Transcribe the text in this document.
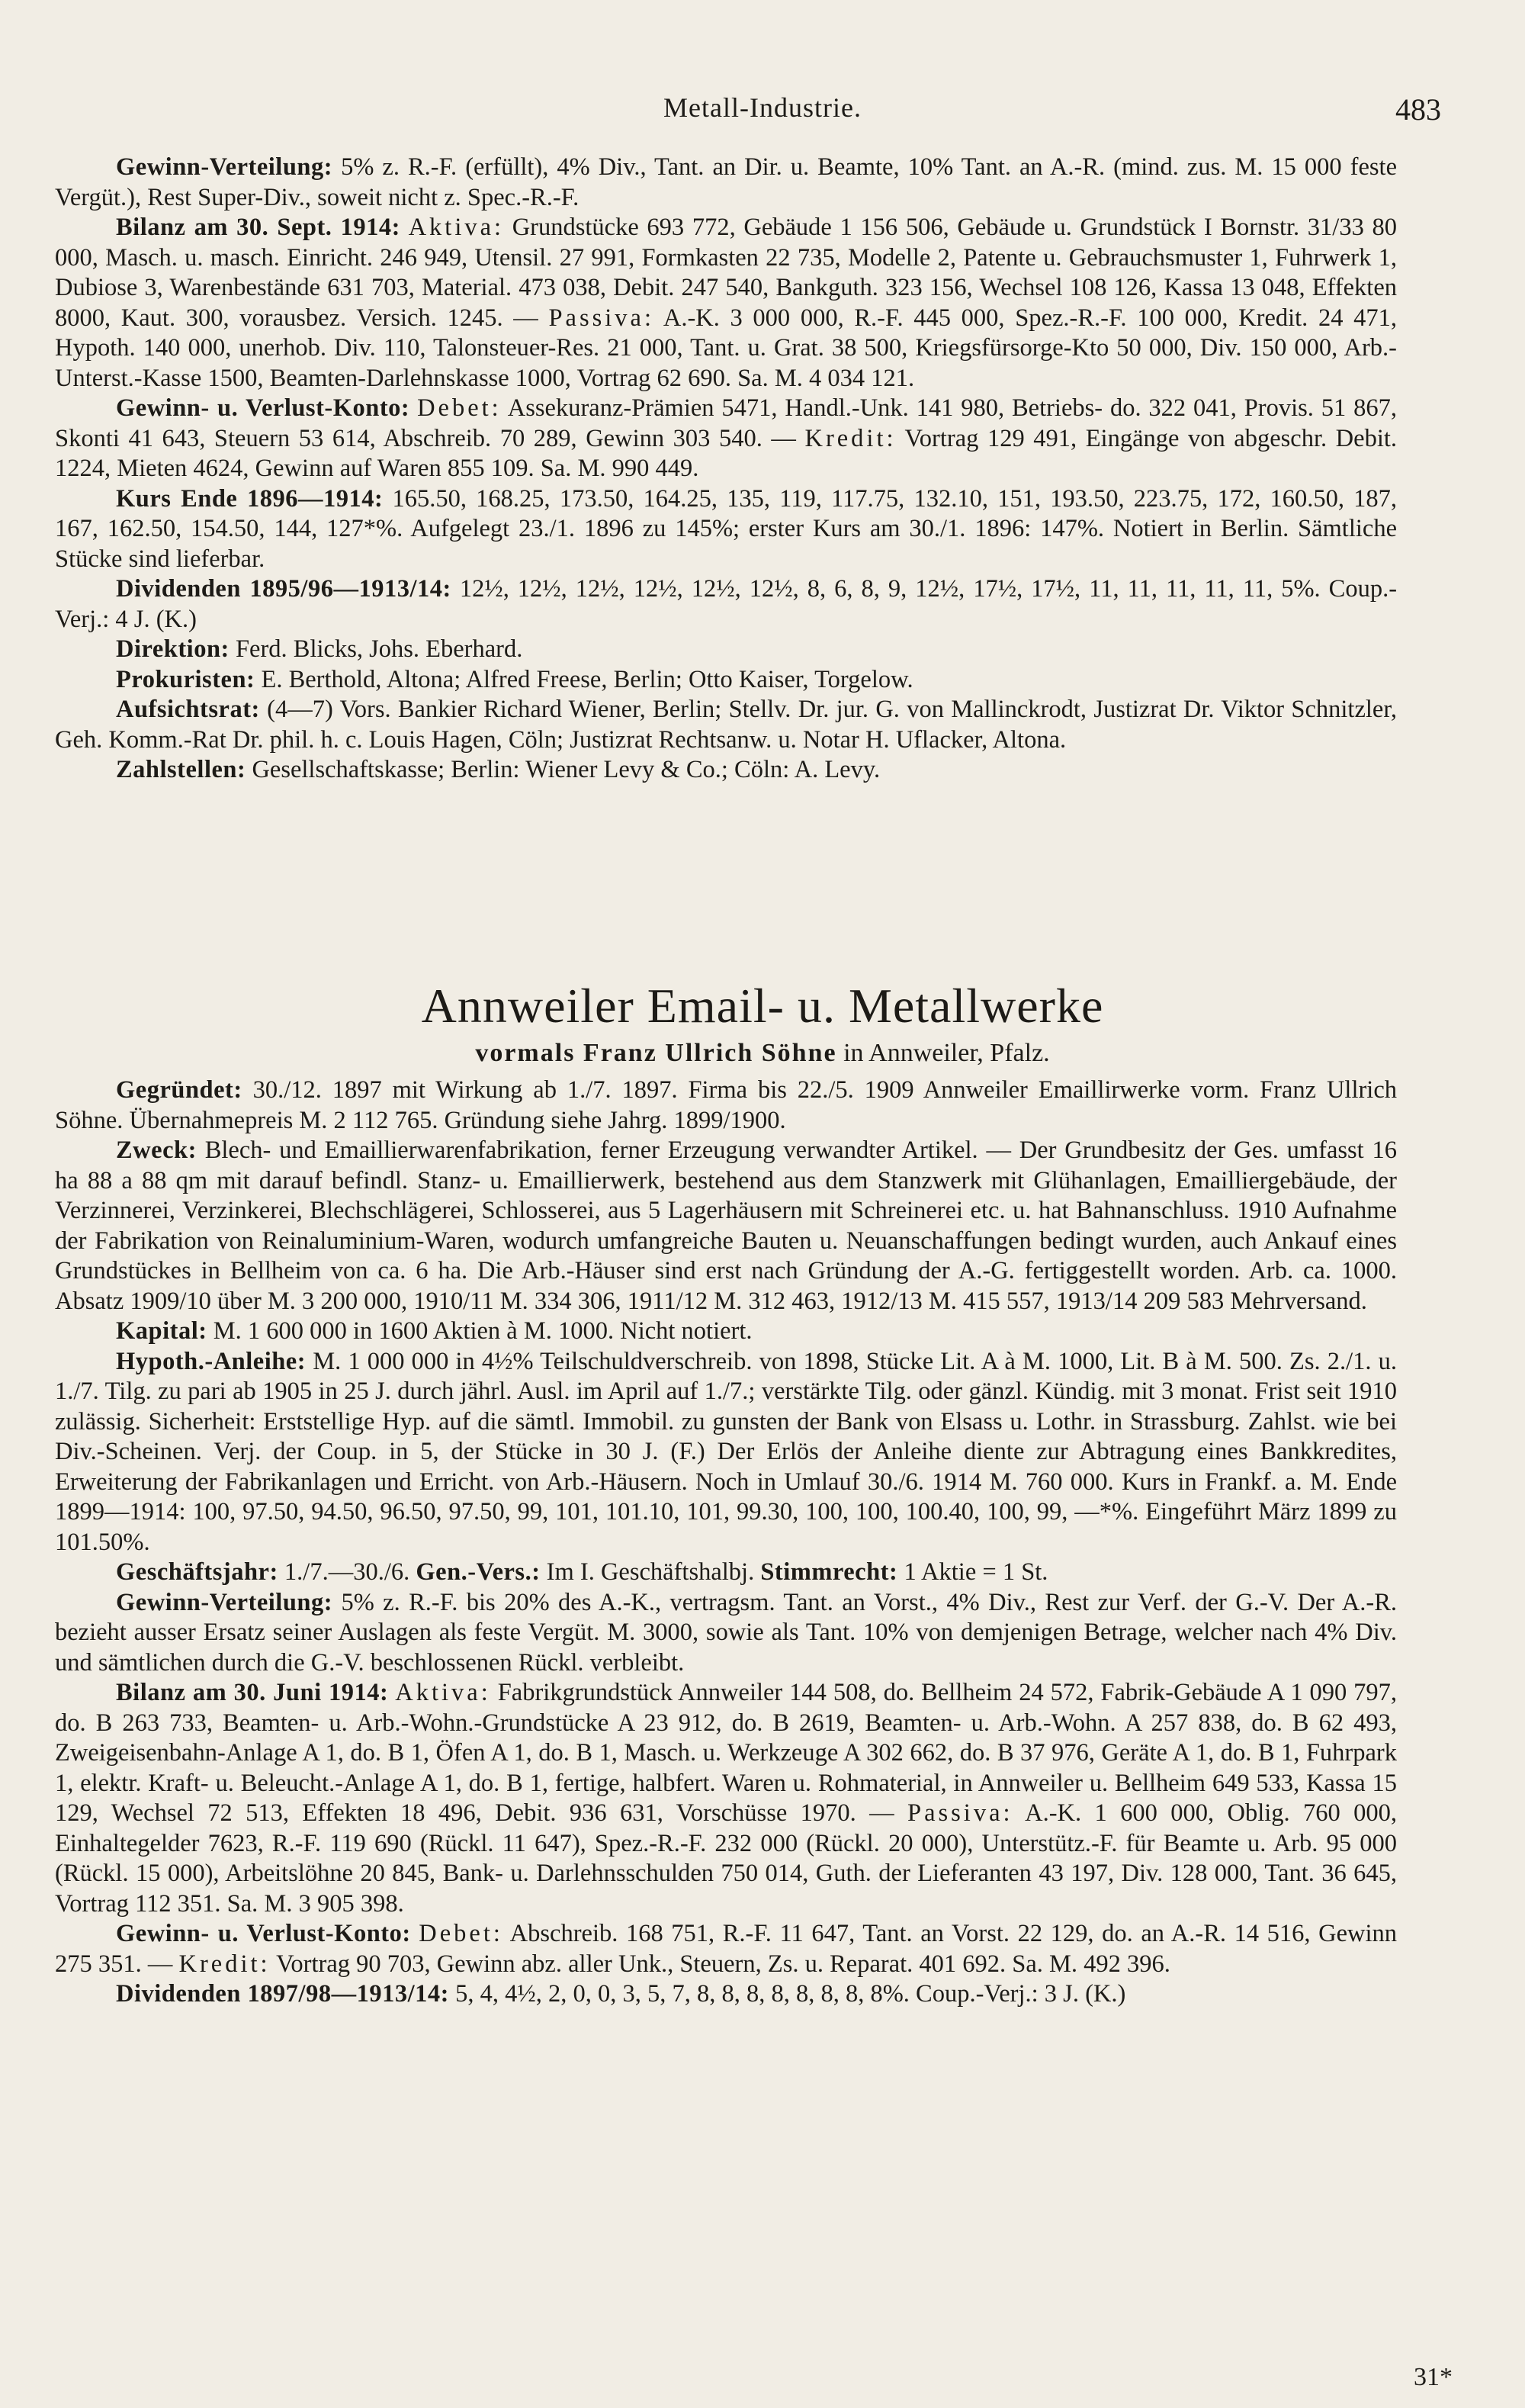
Metall-Industrie.	483

Gewinn-Verteilung: 5% z. R.-F. (erfüllt), 4% Div., Tant. an Dir. u. Beamte, 10% Tant. an A.-R. (mind. zus. M. 15 000 feste Vergüt.), Rest Super-Div., soweit nicht z. Spec.-R.-F.

Bilanz am 30. Sept. 1914: Aktiva: Grundstücke 693 772, Gebäude 1 156 506, Gebäude u. Grundstück I Bornstr. 31/33 80 000, Masch. u. masch. Einricht. 246 949, Utensil. 27 991, Formkasten 22 735, Modelle 2, Patente u. Gebrauchsmuster 1, Fuhrwerk 1, Dubiose 3, Warenbestände 631 703, Material. 473 038, Debit. 247 540, Bankguth. 323 156, Wechsel 108 126, Kassa 13 048, Effekten 8000, Kaut. 300, vorausbez. Versich. 1245. — Passiva: A.-K. 3 000 000, R.-F. 445 000, Spez.-R.-F. 100 000, Kredit. 24 471, Hypoth. 140 000, unerhob. Div. 110, Talonsteuer-Res. 21 000, Tant. u. Grat. 38 500, Kriegsfürsorge-Kto 50 000, Div. 150 000, Arb.-Unterst.-Kasse 1500, Beamten-Darlehnskasse 1000, Vortrag 62 690. Sa. M. 4 034 121.

Gewinn- u. Verlust-Konto: Debet: Assekuranz-Prämien 5471, Handl.-Unk. 141 980, Betriebs- do. 322 041, Provis. 51 867, Skonti 41 643, Steuern 53 614, Abschreib. 70 289, Gewinn 303 540. — Kredit: Vortrag 129 491, Eingänge von abgeschr. Debit. 1224, Mieten 4624, Gewinn auf Waren 855 109. Sa. M. 990 449.

Kurs Ende 1896—1914: 165.50, 168.25, 173.50, 164.25, 135, 119, 117.75, 132.10, 151, 193.50, 223.75, 172, 160.50, 187, 167, 162.50, 154.50, 144, 127*%. Aufgelegt 23./1. 1896 zu 145%; erster Kurs am 30./1. 1896: 147%. Notiert in Berlin. Sämtliche Stücke sind lieferbar.

Dividenden 1895/96—1913/14: 12½, 12½, 12½, 12½, 12½, 12½, 8, 6, 8, 9, 12½, 17½, 17½, 11, 11, 11, 11, 11, 5%. Coup.-Verj.: 4 J. (K.)

Direktion: Ferd. Blicks, Johs. Eberhard.

Prokuristen: E. Berthold, Altona; Alfred Freese, Berlin; Otto Kaiser, Torgelow.

Aufsichtsrat: (4—7) Vors. Bankier Richard Wiener, Berlin; Stellv. Dr. jur. G. von Mallinckrodt, Justizrat Dr. Viktor Schnitzler, Geh. Komm.-Rat Dr. phil. h. c. Louis Hagen, Cöln; Justizrat Rechtsanw. u. Notar H. Uflacker, Altona.

Zahlstellen: Gesellschaftskasse; Berlin: Wiener Levy & Co.; Cöln: A. Levy.

Annweiler Email- u. Metallwerke
vormals Franz Ullrich Söhne in Annweiler, Pfalz.

Gegründet: 30./12. 1897 mit Wirkung ab 1./7. 1897. Firma bis 22./5. 1909 Annweiler Emaillirwerke vorm. Franz Ullrich Söhne. Übernahmepreis M. 2 112 765. Gründung siehe Jahrg. 1899/1900.

Zweck: Blech- und Emaillierwarenfabrikation, ferner Erzeugung verwandter Artikel. — Der Grundbesitz der Ges. umfasst 16 ha 88 a 88 qm mit darauf befindl. Stanz- u. Emaillierwerk, bestehend aus dem Stanzwerk mit Glühanlagen, Emailliergebäude, der Verzinnerei, Verzinkerei, Blechschlägerei, Schlosserei, aus 5 Lagerhäusern mit Schreinerei etc. u. hat Bahnanschluss. 1910 Aufnahme der Fabrikation von Reinaluminium-Waren, wodurch umfangreiche Bauten u. Neuanschaffungen bedingt wurden, auch Ankauf eines Grundstückes in Bellheim von ca. 6 ha. Die Arb.-Häuser sind erst nach Gründung der A.-G. fertiggestellt worden. Arb. ca. 1000. Absatz 1909/10 über M. 3 200 000, 1910/11 M. 334 306, 1911/12 M. 312 463, 1912/13 M. 415 557, 1913/14 209 583 Mehrversand.

Kapital: M. 1 600 000 in 1600 Aktien à M. 1000. Nicht notiert.

Hypoth.-Anleihe: M. 1 000 000 in 4½% Teilschuldverschreib. von 1898, Stücke Lit. A à M. 1000, Lit. B à M. 500. Zs. 2./1. u. 1./7. Tilg. zu pari ab 1905 in 25 J. durch jährl. Ausl. im April auf 1./7.; verstärkte Tilg. oder gänzl. Kündig. mit 3 monat. Frist seit 1910 zulässig. Sicherheit: Erststellige Hyp. auf die sämtl. Immobil. zu gunsten der Bank von Elsass u. Lothr. in Strassburg. Zahlst. wie bei Div.-Scheinen. Verj. der Coup. in 5, der Stücke in 30 J. (F.) Der Erlös der Anleihe diente zur Abtragung eines Bankkredites, Erweiterung der Fabrikanlagen und Erricht. von Arb.-Häusern. Noch in Umlauf 30./6. 1914 M. 760 000. Kurs in Frankf. a. M. Ende 1899—1914: 100, 97.50, 94.50, 96.50, 97.50, 99, 101, 101.10, 101, 99.30, 100, 100, 100.40, 100, 99, —*%. Eingeführt März 1899 zu 101.50%.

Geschäftsjahr: 1./7.—30./6. Gen.-Vers.: Im I. Geschäftshalbj. Stimmrecht: 1 Aktie = 1 St.

Gewinn-Verteilung: 5% z. R.-F. bis 20% des A.-K., vertragsm. Tant. an Vorst., 4% Div., Rest zur Verf. der G.-V. Der A.-R. bezieht ausser Ersatz seiner Auslagen als feste Vergüt. M. 3000, sowie als Tant. 10% von demjenigen Betrage, welcher nach 4% Div. und sämtlichen durch die G.-V. beschlossenen Rückl. verbleibt.

Bilanz am 30. Juni 1914: Aktiva: Fabrikgrundstück Annweiler 144 508, do. Bellheim 24 572, Fabrik-Gebäude A 1 090 797, do. B 263 733, Beamten- u. Arb.-Wohn.-Grundstücke A 23 912, do. B 2619, Beamten- u. Arb.-Wohn. A 257 838, do. B 62 493, Zweigeisenbahn-Anlage A 1, do. B 1, Öfen A 1, do. B 1, Masch. u. Werkzeuge A 302 662, do. B 37 976, Geräte A 1, do. B 1, Fuhrpark 1, elektr. Kraft- u. Beleucht.-Anlage A 1, do. B 1, fertige, halbfert. Waren u. Rohmaterial, in Annweiler u. Bellheim 649 533, Kassa 15 129, Wechsel 72 513, Effekten 18 496, Debit. 936 631, Vorschüsse 1970. — Passiva: A.-K. 1 600 000, Oblig. 760 000, Einhaltegelder 7623, R.-F. 119 690 (Rückl. 11 647), Spez.-R.-F. 232 000 (Rückl. 20 000), Unterstütz.-F. für Beamte u. Arb. 95 000 (Rückl. 15 000), Arbeitslöhne 20 845, Bank- u. Darlehnsschulden 750 014, Guth. der Lieferanten 43 197, Div. 128 000, Tant. 36 645, Vortrag 112 351. Sa. M. 3 905 398.

Gewinn- u. Verlust-Konto: Debet: Abschreib. 168 751, R.-F. 11 647, Tant. an Vorst. 22 129, do. an A.-R. 14 516, Gewinn 275 351. — Kredit: Vortrag 90 703, Gewinn abz. aller Unk., Steuern, Zs. u. Reparat. 401 692. Sa. M. 492 396.

Dividenden 1897/98—1913/14: 5, 4, 4½, 2, 0, 0, 3, 5, 7, 8, 8, 8, 8, 8, 8, 8, 8%. Coup.-Verj.: 3 J. (K.)

31*
